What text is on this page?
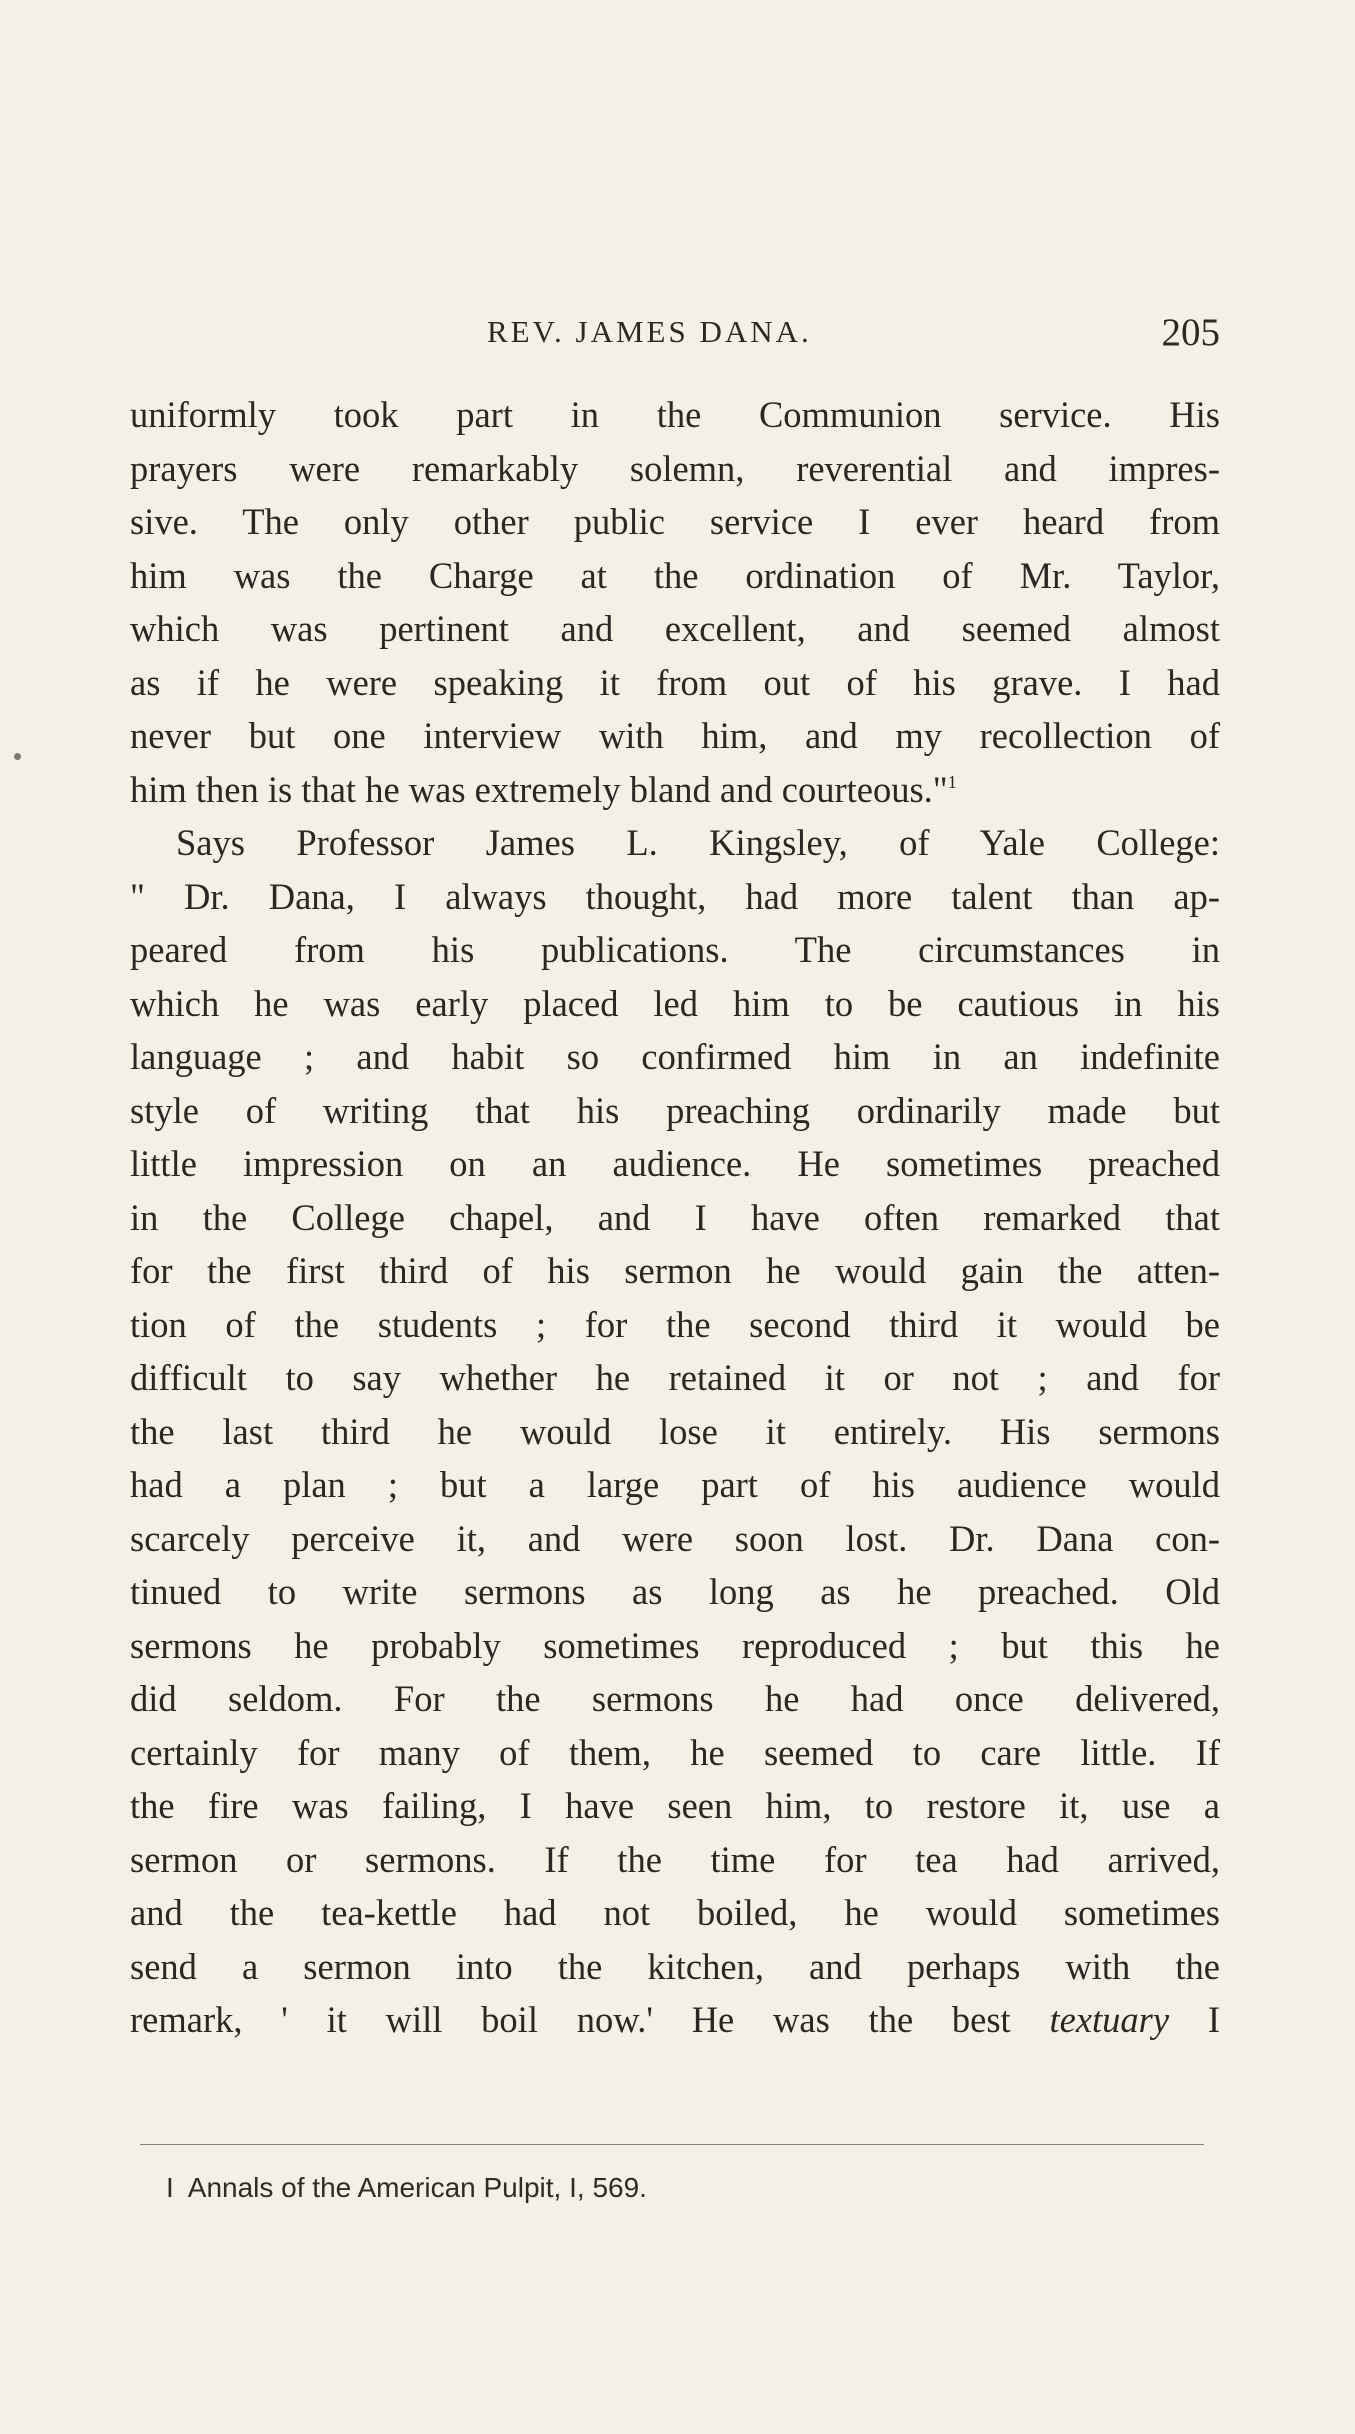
REV. JAMES DANA.	205
uniformly took part in the Communion service. His
prayers were remarkably solemn, reverential and impres-
sive. The only other public service I ever heard from
him was the Charge at the ordination of Mr. Taylor,
which was pertinent and excellent, and seemed almost
as if he were speaking it from out of his grave. I had
never but one interview with him, and my recollection of
him then is that he was extremely bland and courteous."$^1$
Says Professor James L. Kingsley, of Yale College:
" Dr. Dana, I always thought, had more talent than ap-
peared from his publications. The circumstances in
which he was early placed led him to be cautious in his
language ; and habit so confirmed him in an indefinite
style of writing that his preaching ordinarily made but
little impression on an audience. He sometimes preached
in the College chapel, and I have often remarked that
for the first third of his sermon he would gain the atten-
tion of the students ; for the second third it would be
difficult to say whether he retained it or not ; and for
the last third he would lose it entirely. His sermons
had a plan ; but a large part of his audience would
scarcely perceive it, and were soon lost. Dr. Dana con-
tinued to write sermons as long as he preached. Old
sermons he probably sometimes reproduced ; but this he
did seldom. For the sermons he had once delivered,
certainly for many of them, he seemed to care little. If
the fire was failing, I have seen him, to restore it, use a
sermon or sermons. If the time for tea had arrived,
and the tea-kettle had not boiled, he would sometimes
send a sermon into the kitchen, and perhaps with the
remark, ' it will boil now.' He was the best textuary I
I Annals of the American Pulpit, I, 569.
